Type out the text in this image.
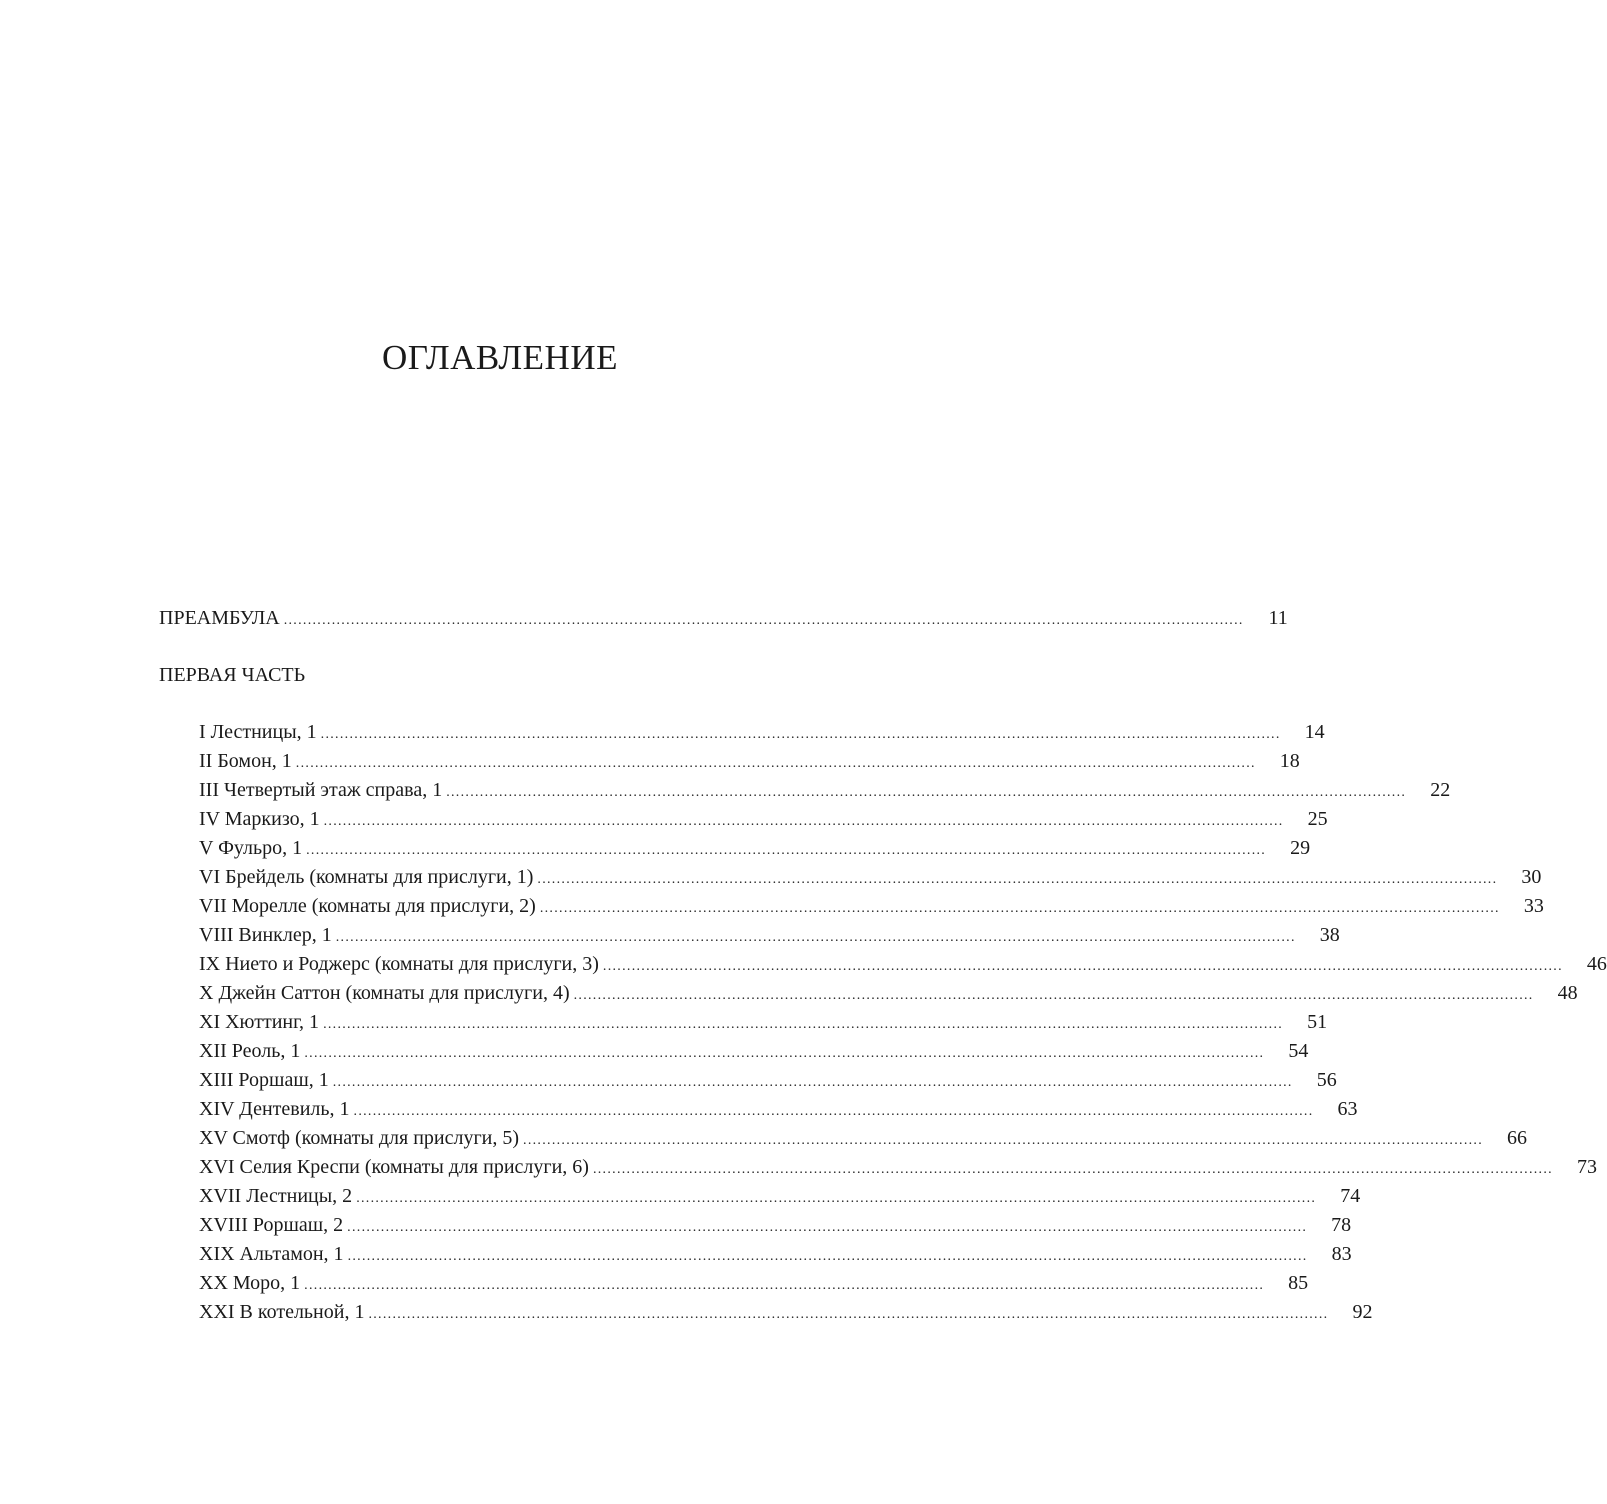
ОГЛАВЛЕНИЕ
ПРЕАМБУЛА ........................................................................................................................................................................................................	11
ПЕРВАЯ ЧАСТЬ
I Лестницы, 1 ........................................................................................................................................................................................................	14
II Бомон, 1 ........................................................................................................................................................................................................	18
III Четвертый этаж справа, 1 ........................................................................................................................................................................................................	22
IV Маркизо, 1 ........................................................................................................................................................................................................	25
V Фульро, 1 ........................................................................................................................................................................................................	29
VI Брейдель (комнаты для прислуги, 1) ........................................................................................................................................................................................................	30
VII Морелле (комнаты для прислуги, 2) ........................................................................................................................................................................................................	33
VIII Винклер, 1 ........................................................................................................................................................................................................	38
IX Нието и Роджерс (комнаты для прислуги, 3) ........................................................................................................................................................................................................	46
X Джейн Саттон (комнаты для прислуги, 4) ........................................................................................................................................................................................................	48
XI Хюттинг, 1 ........................................................................................................................................................................................................	51
XII Реоль, 1 ........................................................................................................................................................................................................	54
XIII Роршаш, 1 ........................................................................................................................................................................................................	56
XIV Дентевиль, 1 ........................................................................................................................................................................................................	63
XV Смотф (комнаты для прислуги, 5) ........................................................................................................................................................................................................	66
XVI Селия Креспи (комнаты для прислуги, 6) ........................................................................................................................................................................................................	73
XVII Лестницы, 2 ........................................................................................................................................................................................................	74
XVIII Роршаш, 2 ........................................................................................................................................................................................................	78
XIX Альтамон, 1 ........................................................................................................................................................................................................	83
XX Моро, 1 ........................................................................................................................................................................................................	85
XXI В котельной, 1 ........................................................................................................................................................................................................	92
